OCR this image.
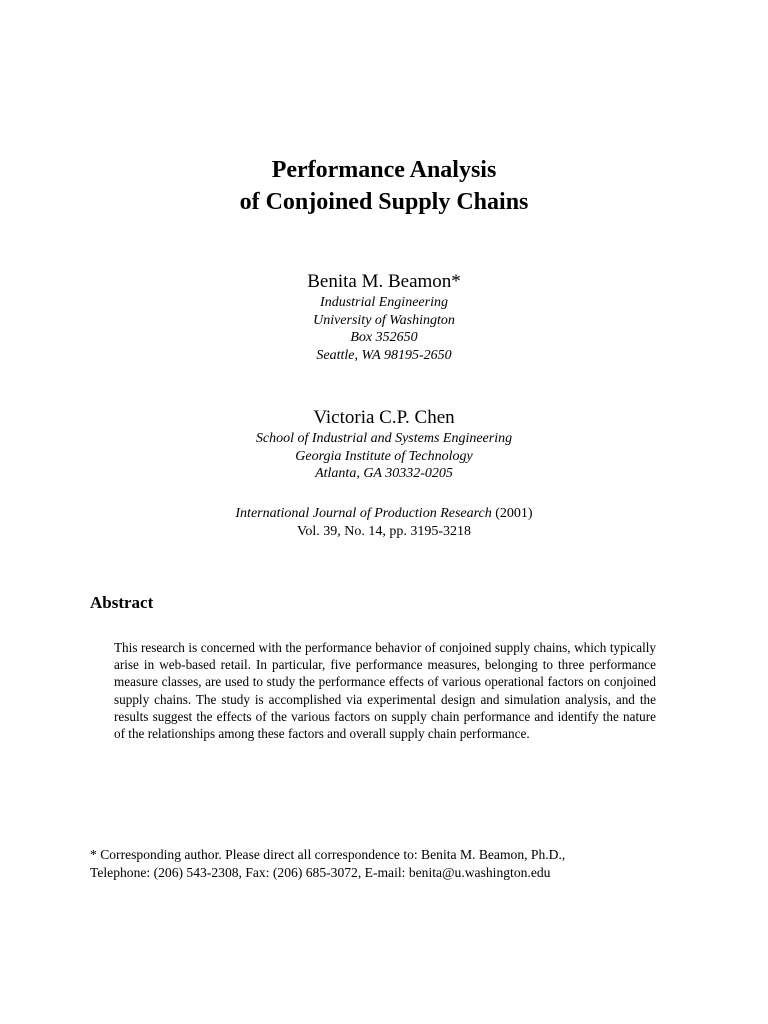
Performance Analysis
of Conjoined Supply Chains
Benita M. Beamon*
Industrial Engineering
University of Washington
Box 352650
Seattle, WA 98195-2650
Victoria C.P. Chen
School of Industrial and Systems Engineering
Georgia Institute of Technology
Atlanta, GA 30332-0205
International Journal of Production Research (2001)
Vol. 39, No. 14, pp. 3195-3218
Abstract
This research is concerned with the performance behavior of conjoined supply chains, which typically arise in web-based retail. In particular, five performance measures, belonging to three performance measure classes, are used to study the performance effects of various operational factors on conjoined supply chains. The study is accomplished via experimental design and simulation analysis, and the results suggest the effects of the various factors on supply chain performance and identify the nature of the relationships among these factors and overall supply chain performance.
* Corresponding author. Please direct all correspondence to: Benita M. Beamon, Ph.D.,
Telephone: (206) 543-2308, Fax: (206) 685-3072, E-mail: benita@u.washington.edu
